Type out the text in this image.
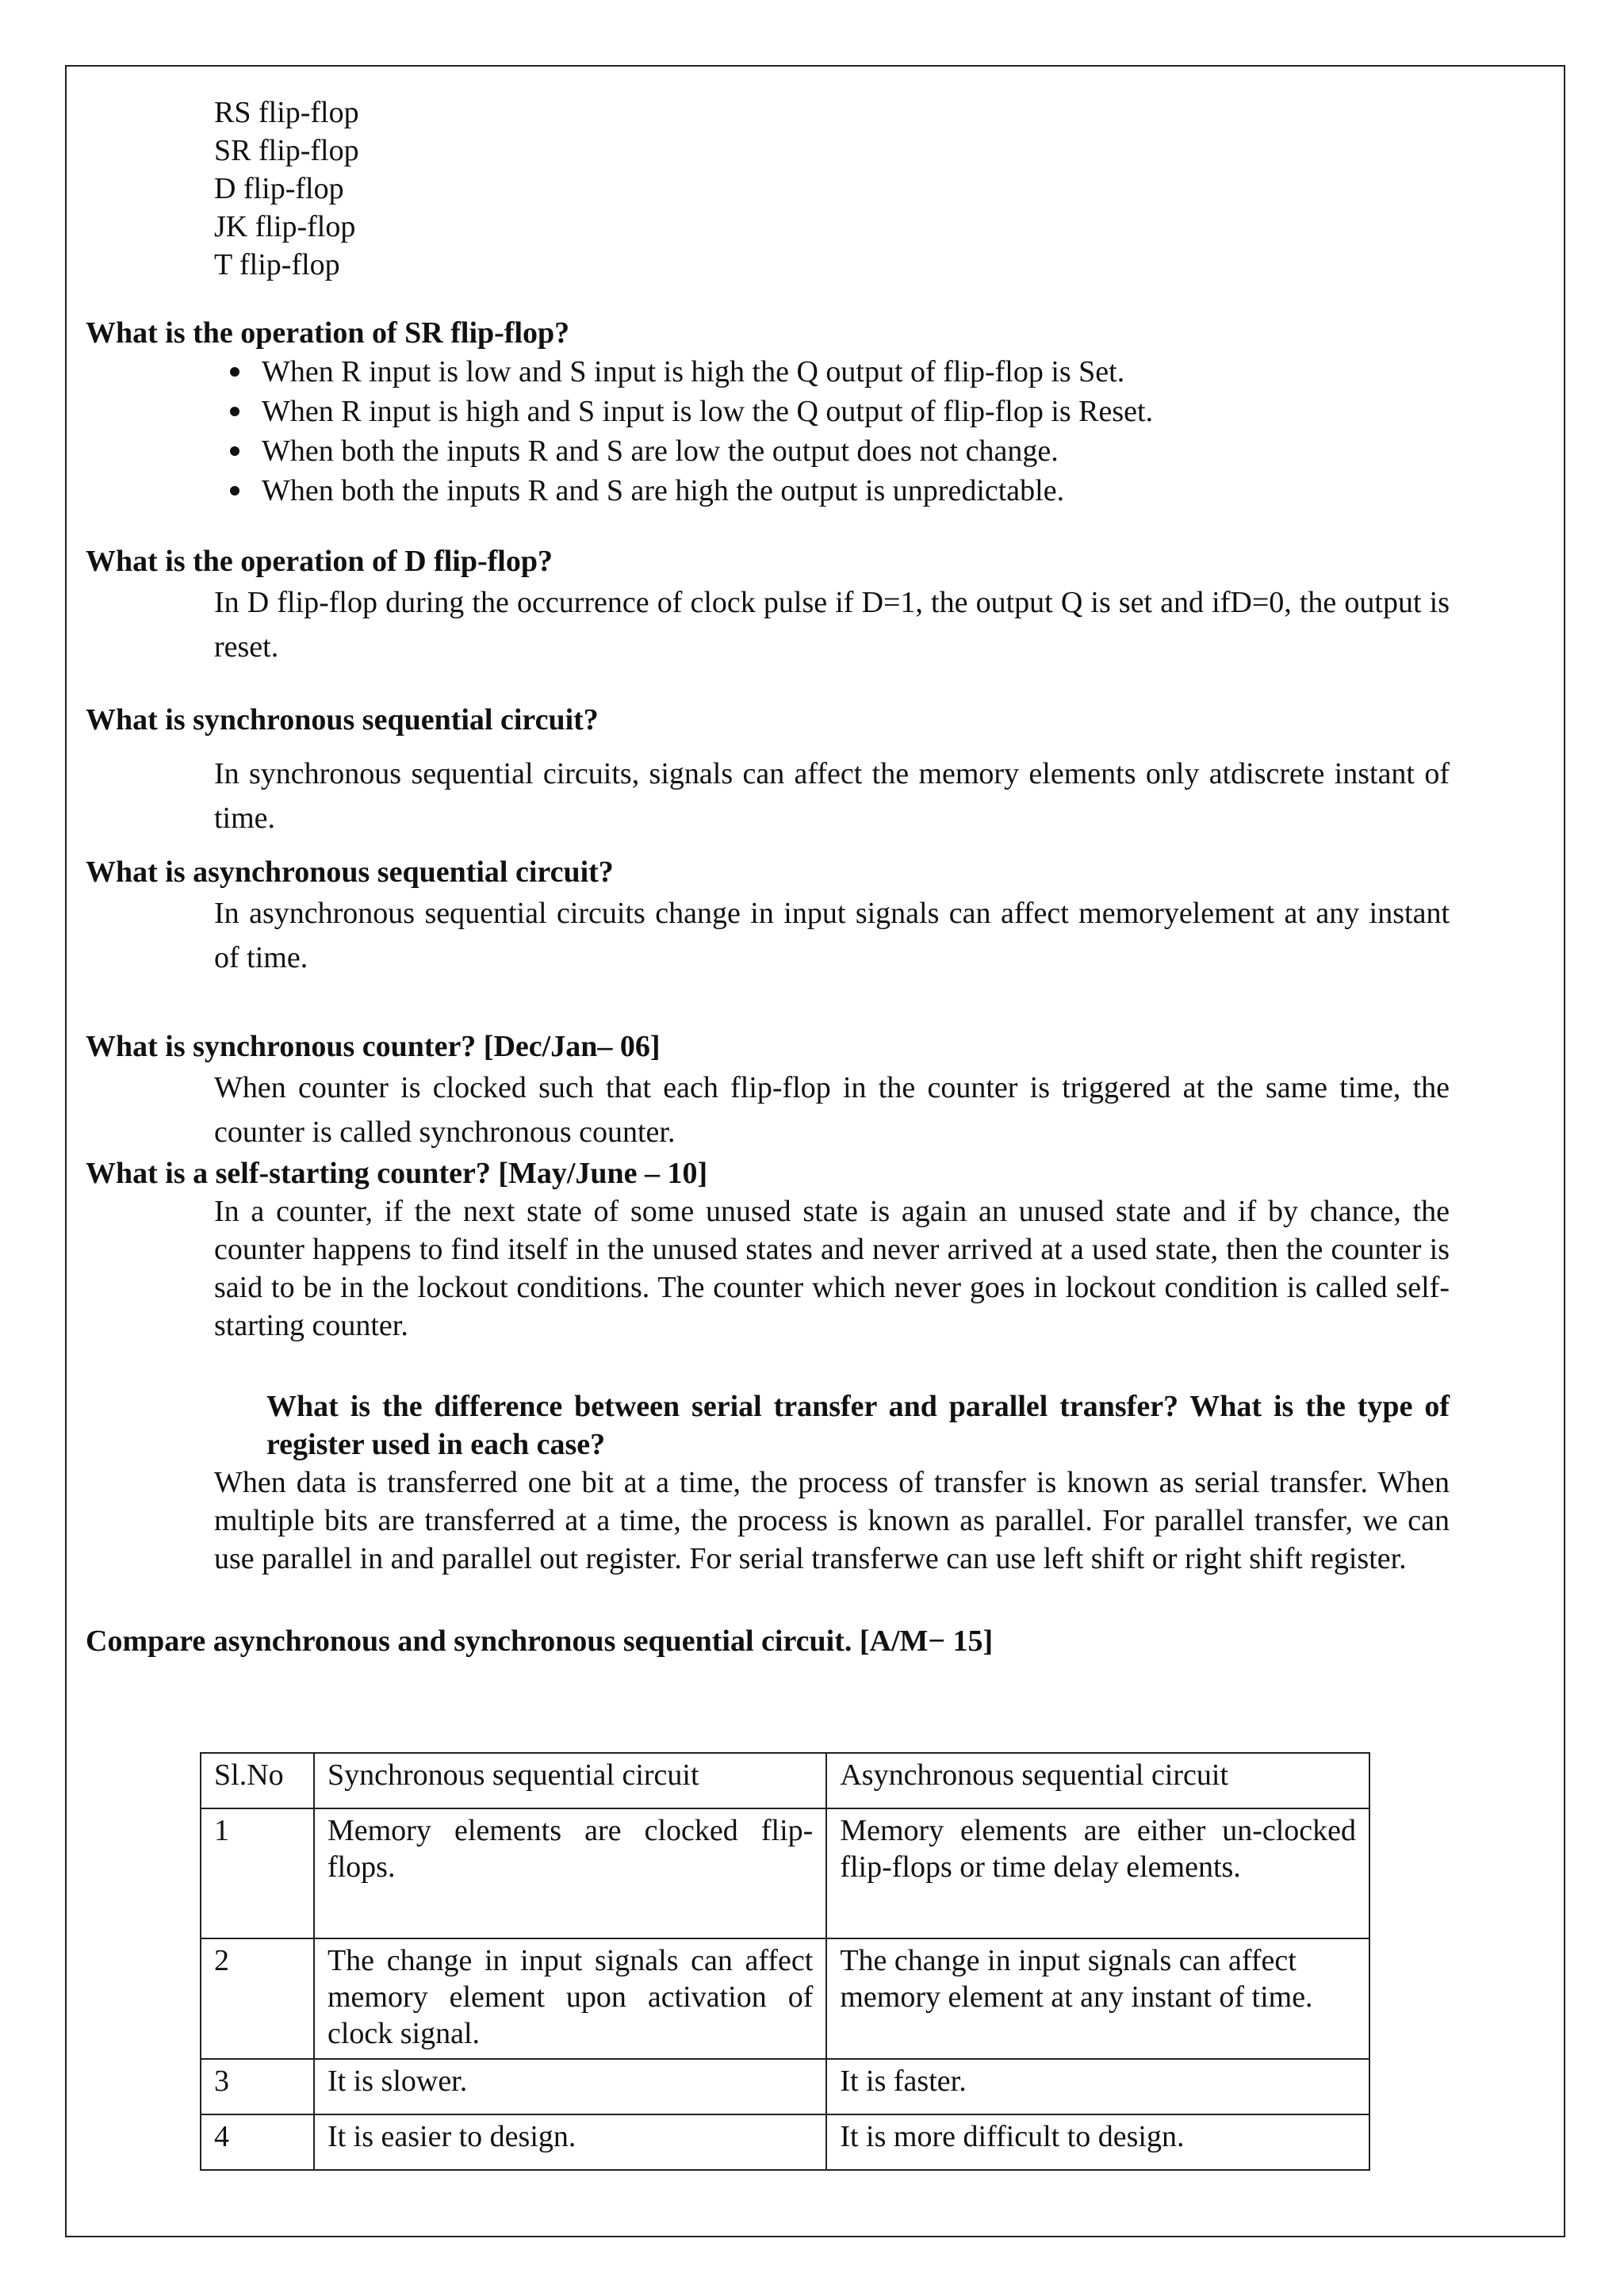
RS flip-flop
SR flip-flop
D flip-flop
JK flip-flop
T flip-flop
What is the operation of SR flip-flop?
When R input is low and S input is high the Q output of flip-flop is Set.
When R input is high and S input is low the Q output of flip-flop is Reset.
When both the inputs R and S are low the output does not change.
When both the inputs R and S are high the output is unpredictable.
What is the operation of D flip-flop?
In D flip-flop during the occurrence of clock pulse if D=1, the output Q is set and ifD=0, the output is reset.
What is synchronous sequential circuit?
In synchronous sequential circuits, signals can affect the memory elements only atdiscrete instant of time.
What is asynchronous sequential circuit?
In asynchronous sequential circuits change in input signals can affect memoryelement at any instant of time.
What is synchronous counter? [Dec/Jan– 06]
When counter is clocked such that each flip-flop in the counter is triggered at the same time, the counter is called synchronous counter.
What is a self-starting counter? [May/June – 10]
In a counter, if the next state of some unused state is again an unused state and if by chance, the counter happens to find itself in the unused states and never arrived at a used state, then the counter is said to be in the lockout conditions. The counter which never goes in lockout condition is called self-starting counter.
What is the difference between serial transfer and parallel transfer? What is the type of register used in each case?
When data is transferred one bit at a time, the process of transfer is known as serial transfer. When multiple bits are transferred at a time, the process is known as parallel. For parallel transfer, we can use parallel in and parallel out register. For serial transferwe can use left shift or right shift register.
Compare asynchronous and synchronous sequential circuit. [A/M− 15]
Sl.No	Synchronous sequential circuit	Asynchronous sequential circuit
1	Memory elements are clocked flip-flops.	Memory elements are either un-clocked flip-flops or time delay elements.
2	The change in input signals can affect memory element upon activation of clock signal.	The change in input signals can affect memory element at any instant of time.
3	It is slower.	It is faster.
4	It is easier to design.	It is more difficult to design.
